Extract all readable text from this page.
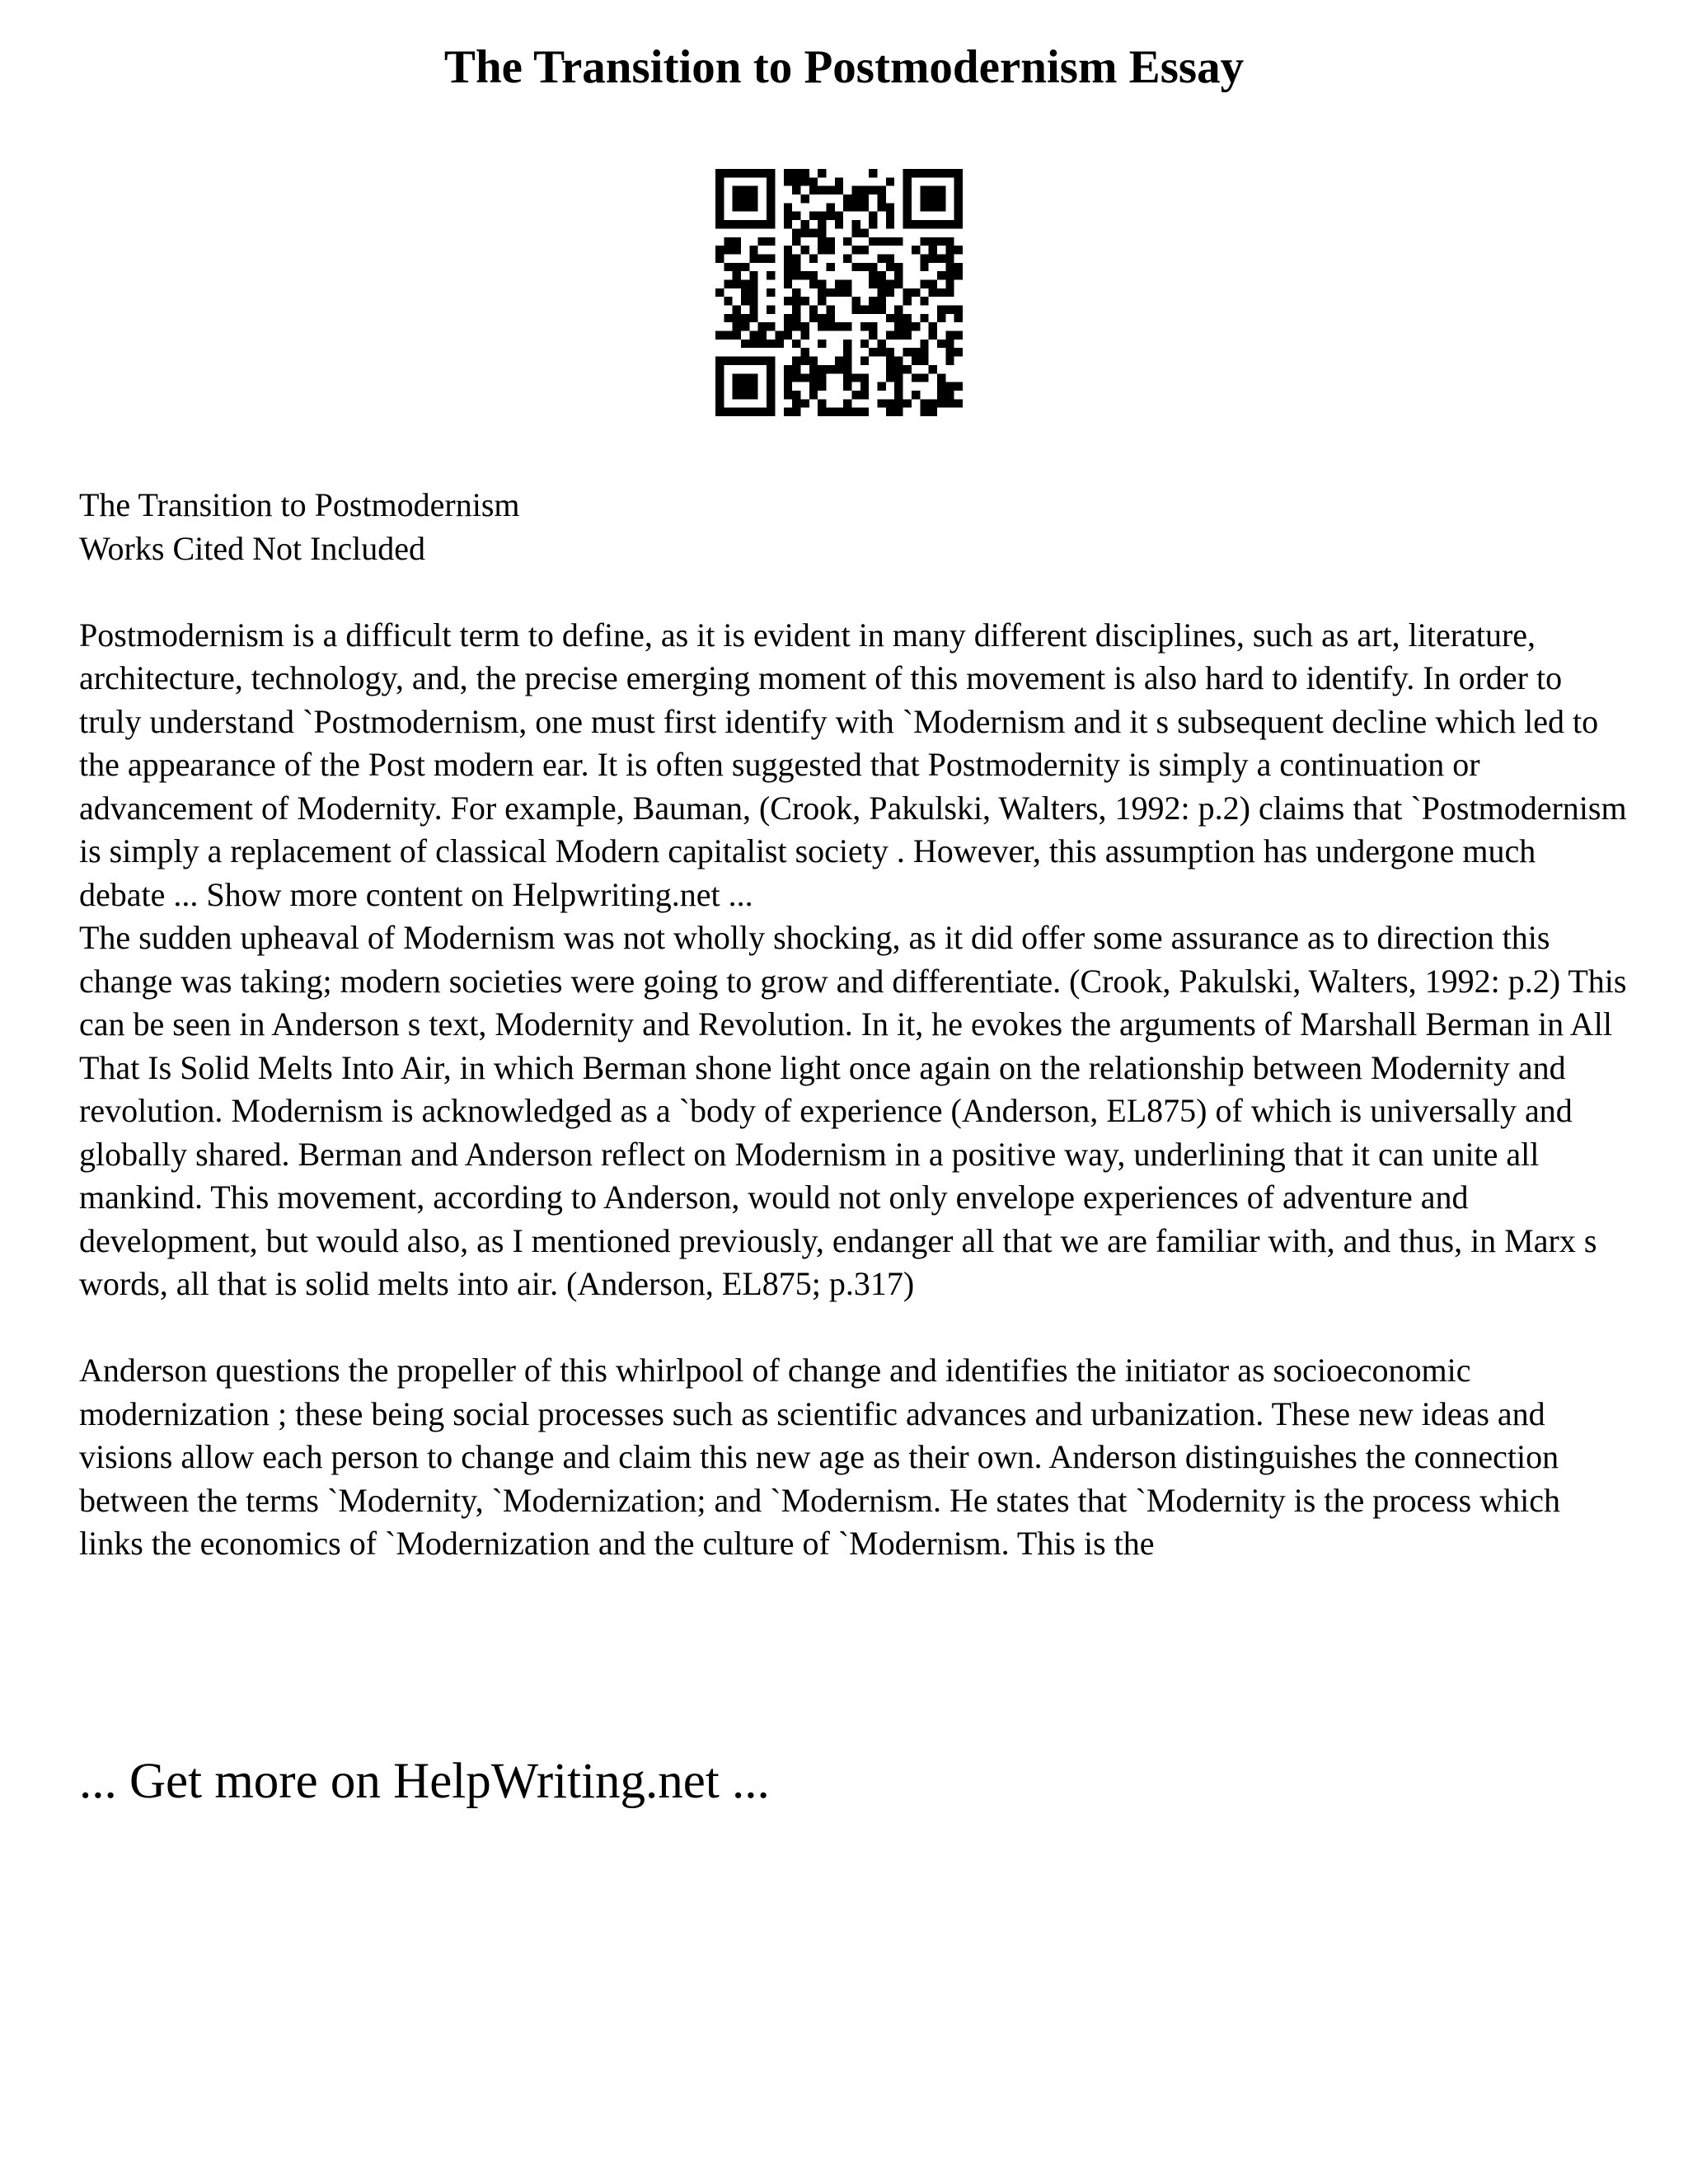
The Transition to Postmodernism Essay

The Transition to Postmodernism

Works Cited Not Included

Postmodernism is a difficult term to define, as it is evident in many different disciplines, such as art, literature, architecture, technology, and, the precise emerging moment of this movement is also hard to identify. In order to truly understand `Postmodernism, one must first identify with `Modernism and it s subsequent decline which led to the appearance of the Post modern ear. It is often suggested that Postmodernity is simply a continuation or advancement of Modernity. For example, Bauman, (Crook, Pakulski, Walters, 1992: p.2) claims that `Postmodernism is simply a replacement of classical Modern capitalist society . However, this assumption has undergone much debate ... Show more content on Helpwriting.net ...

The sudden upheaval of Modernism was not wholly shocking, as it did offer some assurance as to direction this change was taking; modern societies were going to grow and differentiate. (Crook, Pakulski, Walters, 1992: p.2) This can be seen in Anderson s text, Modernity and Revolution. In it, he evokes the arguments of Marshall Berman in All That Is Solid Melts Into Air, in which Berman shone light once again on the relationship between Modernity and revolution. Modernism is acknowledged as a `body of experience (Anderson, EL875) of which is universally and globally shared. Berman and Anderson reflect on Modernism in a positive way, underlining that it can unite all mankind. This movement, according to Anderson, would not only envelope experiences of adventure and development, but would also, as I mentioned previously, endanger all that we are familiar with, and thus, in Marx s words, all that is solid melts into air. (Anderson, EL875; p.317)

Anderson questions the propeller of this whirlpool of change and identifies the initiator as socioeconomic modernization ; these being social processes such as scientific advances and urbanization. These new ideas and visions allow each person to change and claim this new age as their own. Anderson distinguishes the connection between the terms `Modernity, `Modernization; and `Modernism. He states that `Modernity is the process which links the economics of `Modernization and the culture of `Modernism. This is the

... Get more on HelpWriting.net ...
